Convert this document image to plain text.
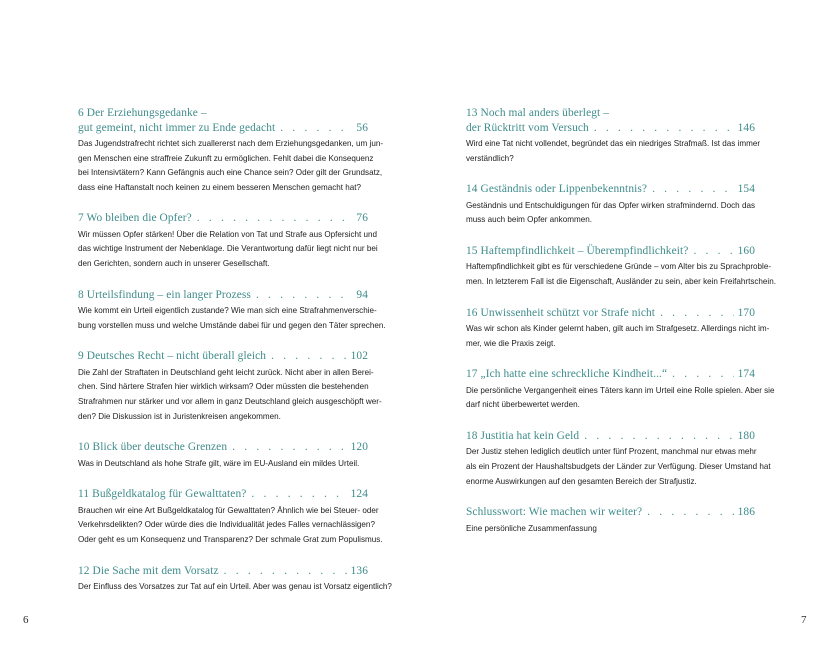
6 Der Erziehungsgedanke –
gut gemeint, nicht immer zu Ende gedacht . . .	56
Das Jugendstrafrecht richtet sich zuallererst nach dem Erziehungsgedanken, um jun-
gen Menschen eine straffreie Zukunft zu ermöglichen. Fehlt dabei die Konsequenz
bei Intensivtätern? Kann Gefängnis auch eine Chance sein? Oder gilt der Grundsatz,
dass eine Haftanstalt noch keinen zu einem besseren Menschen gemacht hat?
7 Wo bleiben die Opfer? . . .	76
Wir müssen Opfer stärken! Über die Relation von Tat und Strafe aus Opfersicht und
das wichtige Instrument der Nebenklage. Die Verantwortung dafür liegt nicht nur bei
den Gerichten, sondern auch in unserer Gesellschaft.
8 Urteilsfindung – ein langer Prozess . . .	94
Wie kommt ein Urteil eigentlich zustande? Wie man sich eine Strafrahmenverschie-
bung vorstellen muss und welche Umstände dabei für und gegen den Täter sprechen.
9 Deutsches Recht – nicht überall gleich . . .	102
Die Zahl der Straftaten in Deutschland geht leicht zurück. Nicht aber in allen Berei-
chen. Sind härtere Strafen hier wirklich wirksam? Oder müssten die bestehenden
Strafrahmen nur stärker und vor allem in ganz Deutschland gleich ausgeschöpft wer-
den? Die Diskussion ist in Juristenkreisen angekommen.
10 Blick über deutsche Grenzen . . .	120
Was in Deutschland als hohe Strafe gilt, wäre im EU-Ausland ein mildes Urteil.
11 Bußgeldkatalog für Gewalttaten? . . .	124
Brauchen wir eine Art Bußgeldkatalog für Gewalttaten? Ähnlich wie bei Steuer- oder
Verkehrsdelikten? Oder würde dies die Individualität jedes Falles vernachlässigen?
Oder geht es um Konsequenz und Transparenz? Der schmale Grat zum Populismus.
12 Die Sache mit dem Vorsatz . . .	136
Der Einfluss des Vorsatzes zur Tat auf ein Urteil. Aber was genau ist Vorsatz eigentlich?
13 Noch mal anders überlegt –
der Rücktritt vom Versuch . . .	146
Wird eine Tat nicht vollendet, begründet das ein niedriges Strafmaß. Ist das immer
verständlich?
14 Geständnis oder Lippenbekenntnis? . . .	154
Geständnis und Entschuldigungen für das Opfer wirken strafmindernd. Doch das
muss auch beim Opfer ankommen.
15 Haftempfindlichkeit – Überempfindlichkeit? . . .	160
Haftempfindlichkeit gibt es für verschiedene Gründe – vom Alter bis zu Sprachproble-
men. In letzterem Fall ist die Eigenschaft, Ausländer zu sein, aber kein Freifahrtschein.
16 Unwissenheit schützt vor Strafe nicht . . .	170
Was wir schon als Kinder gelernt haben, gilt auch im Strafgesetz. Allerdings nicht im-
mer, wie die Praxis zeigt.
17 „Ich hatte eine schreckliche Kindheit...“ . . .	174
Die persönliche Vergangenheit eines Täters kann im Urteil eine Rolle spielen. Aber sie
darf nicht überbewertet werden.
18 Justitia hat kein Geld . . .	180
Der Justiz stehen lediglich deutlich unter fünf Prozent, manchmal nur etwas mehr
als ein Prozent der Haushaltsbudgets der Länder zur Verfügung. Dieser Umstand hat
enorme Auswirkungen auf den gesamten Bereich der Strafjustiz.
Schlusswort: Wie machen wir weiter? . . .	186
Eine persönliche Zusammenfassung
6	7
